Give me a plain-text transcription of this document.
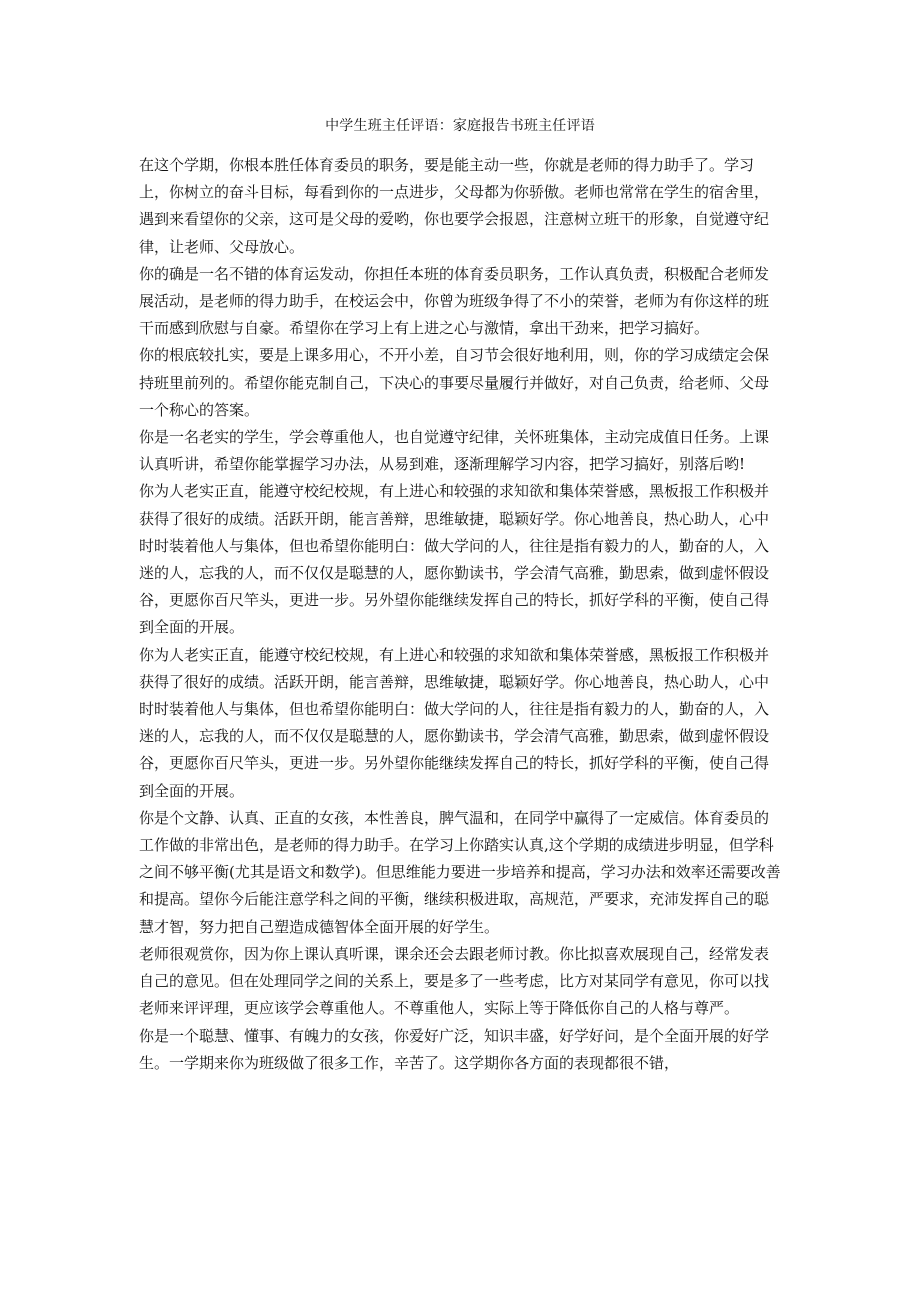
中学生班主任评语：家庭报告书班主任评语

在这个学期，你根本胜任体育委员的职务，要是能主动一些，你就是老师的得力助手了。学习上，你树立的奋斗目标，每看到你的一点进步，父母都为你骄傲。老师也常常在学生的宿舍里，遇到来看望你的父亲，这可是父母的爱哟，你也要学会报恩，注意树立班干的形象，自觉遵守纪律，让老师、父母放心。

你的确是一名不错的体育运发动，你担任本班的体育委员职务，工作认真负责，积极配合老师发展活动，是老师的得力助手，在校运会中，你曾为班级争得了不小的荣誉，老师为有你这样的班干而感到欣慰与自豪。希望你在学习上有上进之心与激情，拿出干劲来，把学习搞好。

你的根底较扎实，要是上课多用心，不开小差，自习节会很好地利用，则，你的学习成绩定会保持班里前列的。希望你能克制自己，下决心的事要尽量履行并做好，对自己负责，给老师、父母一个称心的答案。

你是一名老实的学生，学会尊重他人，也自觉遵守纪律，关怀班集体，主动完成值日任务。上课认真听讲，希望你能掌握学习办法，从易到难，逐渐理解学习内容，把学习搞好，别落后哟!

你为人老实正直，能遵守校纪校规，有上进心和较强的求知欲和集体荣誉感，黑板报工作积极并获得了很好的成绩。活跃开朗，能言善辩，思维敏捷，聪颖好学。你心地善良，热心助人，心中时时装着他人与集体，但也希望你能明白：做大学问的人，往往是指有毅力的人，勤奋的人，入迷的人，忘我的人，而不仅仅是聪慧的人，愿你勤读书，学会清气高雅，勤思索，做到虚怀假设谷，更愿你百尺竿头，更进一步。另外望你能继续发挥自己的特长，抓好学科的平衡，使自己得到全面的开展。

你为人老实正直，能遵守校纪校规，有上进心和较强的求知欲和集体荣誉感，黑板报工作积极并获得了很好的成绩。活跃开朗，能言善辩，思维敏捷，聪颖好学。你心地善良，热心助人，心中时时装着他人与集体，但也希望你能明白：做大学问的人，往往是指有毅力的人，勤奋的人，入迷的人，忘我的人，而不仅仅是聪慧的人，愿你勤读书，学会清气高雅，勤思索，做到虚怀假设谷，更愿你百尺竿头，更进一步。另外望你能继续发挥自己的特长，抓好学科的平衡，使自己得到全面的开展。

你是个文静、认真、正直的女孩，本性善良，脾气温和，在同学中赢得了一定威信。体育委员的工作做的非常出色，是老师的得力助手。在学习上你踏实认真,这个学期的成绩进步明显，但学科之间不够平衡(尤其是语文和数学)。但思维能力要进一步培养和提高，学习办法和效率还需要改善和提高。望你今后能注意学科之间的平衡，继续积极进取，高规范，严要求，充沛发挥自己的聪慧才智，努力把自己塑造成德智体全面开展的好学生。

老师很观赏你，因为你上课认真听课，课余还会去跟老师讨教。你比拟喜欢展现自己，经常发表自己的意见。但在处理同学之间的关系上，要是多了一些考虑，比方对某同学有意见，你可以找老师来评评理，更应该学会尊重他人。不尊重他人，实际上等于降低你自己的人格与尊严。

你是一个聪慧、懂事、有魄力的女孩，你爱好广泛，知识丰盛，好学好问，是个全面开展的好学生。一学期来你为班级做了很多工作，辛苦了。这学期你各方面的表现都很不错，
